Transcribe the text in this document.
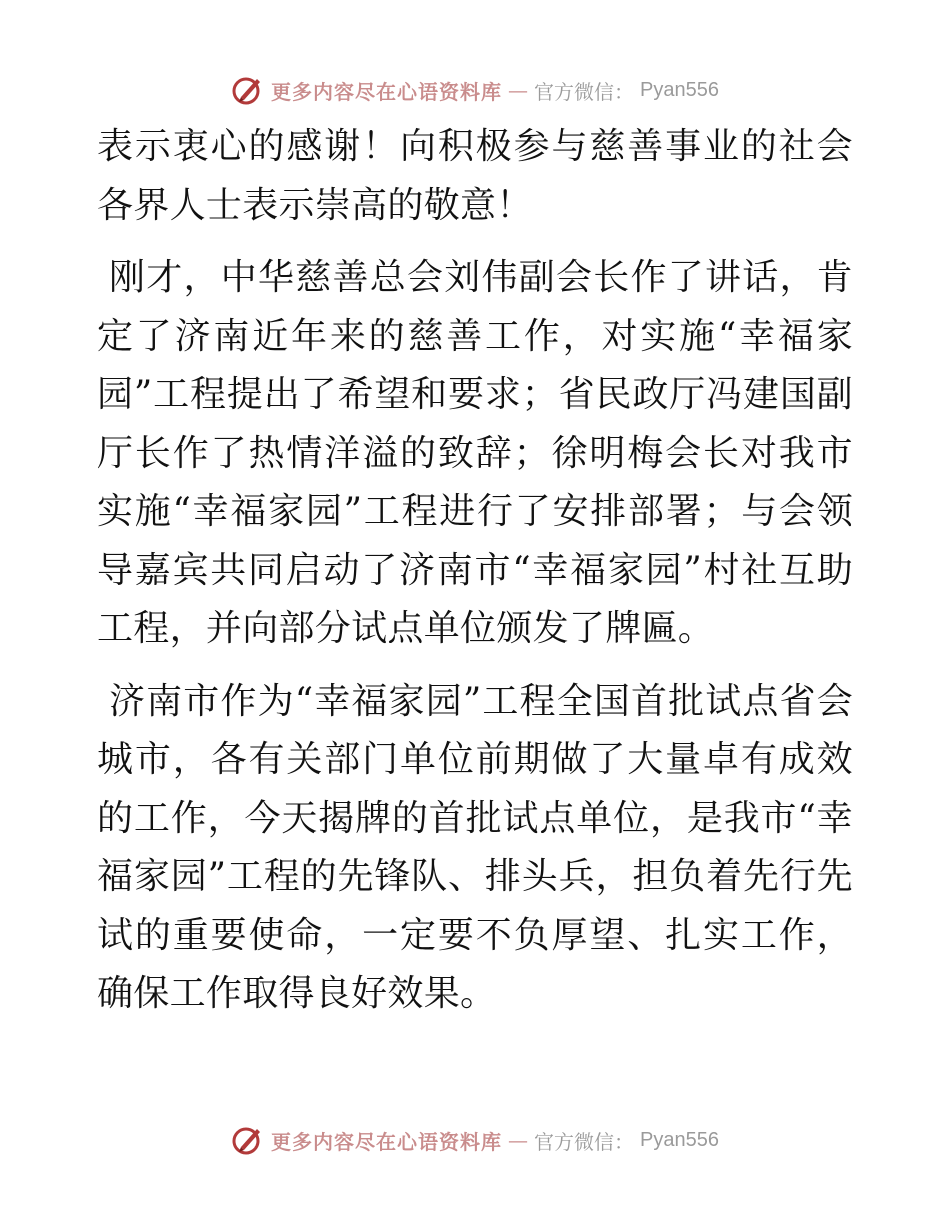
更多内容尽在心语资料库 — 官方微信： Pyan556

表示衷心的感谢！向积极参与慈善事业的社会各界人士表示崇高的敬意！

刚才，中华慈善总会刘伟副会长作了讲话，肯定了济南近年来的慈善工作，对实施“幸福家园”工程提出了希望和要求；省民政厅冯建国副厅长作了热情洋溢的致辞；徐明梅会长对我市实施“幸福家园”工程进行了安排部署；与会领导嘉宾共同启动了济南市“幸福家园”村社互助工程，并向部分试点单位颁发了牌匾。

济南市作为“幸福家园”工程全国首批试点省会城市，各有关部门单位前期做了大量卓有成效的工作，今天揭牌的首批试点单位，是我市“幸福家园”工程的先锋队、排头兵，担负着先行先试的重要使命，一定要不负厚望、扎实工作，确保工作取得良好效果。

更多内容尽在心语资料库 — 官方微信： Pyan556
